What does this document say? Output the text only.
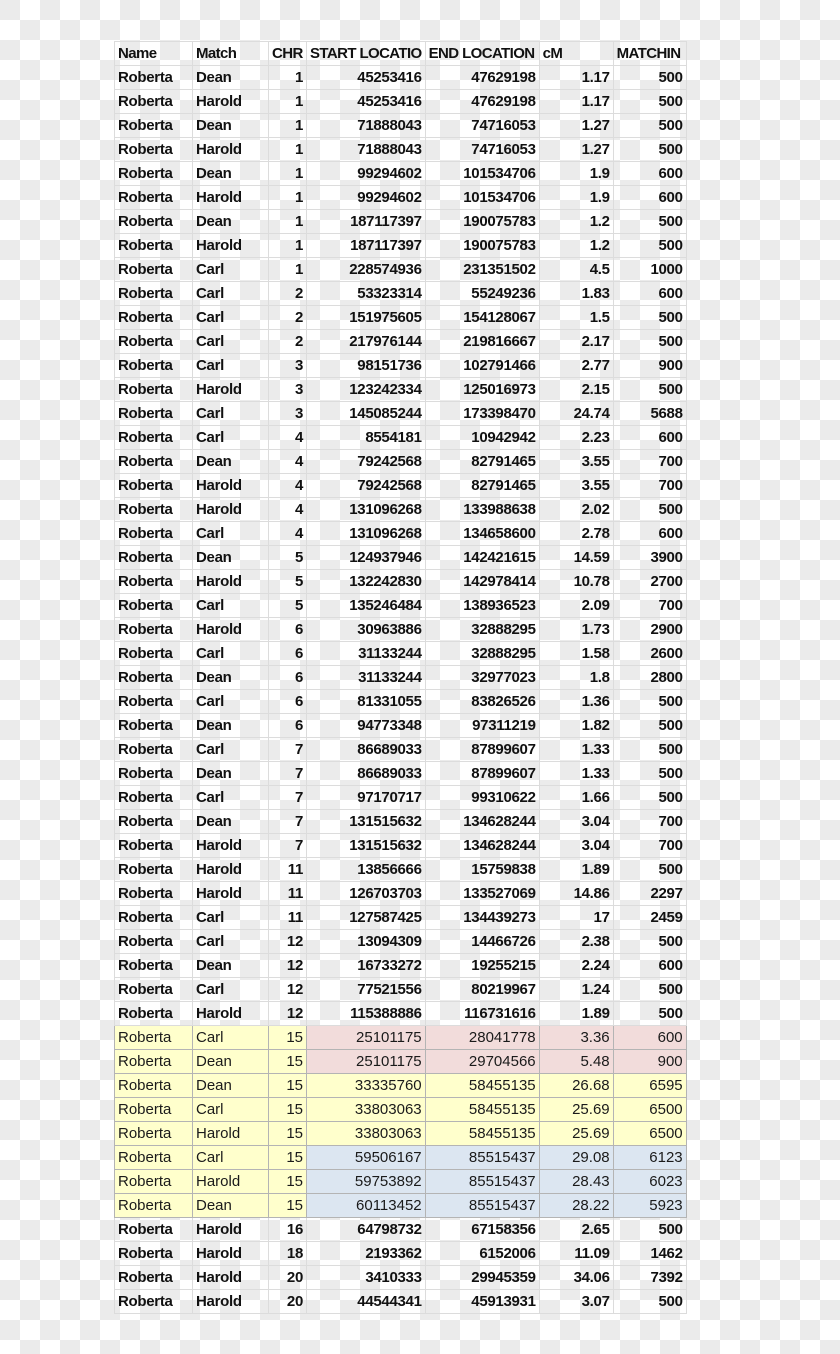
Name	Match	CHR	START LOCATIO	END LOCATION	cM	MATCHIN
Roberta	Dean	1	45253416	47629198	1.17	500
Roberta	Harold	1	45253416	47629198	1.17	500
Roberta	Dean	1	71888043	74716053	1.27	500
Roberta	Harold	1	71888043	74716053	1.27	500
Roberta	Dean	1	99294602	101534706	1.9	600
Roberta	Harold	1	99294602	101534706	1.9	600
Roberta	Dean	1	187117397	190075783	1.2	500
Roberta	Harold	1	187117397	190075783	1.2	500
Roberta	Carl	1	228574936	231351502	4.5	1000
Roberta	Carl	2	53323314	55249236	1.83	600
Roberta	Carl	2	151975605	154128067	1.5	500
Roberta	Carl	2	217976144	219816667	2.17	500
Roberta	Carl	3	98151736	102791466	2.77	900
Roberta	Harold	3	123242334	125016973	2.15	500
Roberta	Carl	3	145085244	173398470	24.74	5688
Roberta	Carl	4	8554181	10942942	2.23	600
Roberta	Dean	4	79242568	82791465	3.55	700
Roberta	Harold	4	79242568	82791465	3.55	700
Roberta	Harold	4	131096268	133988638	2.02	500
Roberta	Carl	4	131096268	134658600	2.78	600
Roberta	Dean	5	124937946	142421615	14.59	3900
Roberta	Harold	5	132242830	142978414	10.78	2700
Roberta	Carl	5	135246484	138936523	2.09	700
Roberta	Harold	6	30963886	32888295	1.73	2900
Roberta	Carl	6	31133244	32888295	1.58	2600
Roberta	Dean	6	31133244	32977023	1.8	2800
Roberta	Carl	6	81331055	83826526	1.36	500
Roberta	Dean	6	94773348	97311219	1.82	500
Roberta	Carl	7	86689033	87899607	1.33	500
Roberta	Dean	7	86689033	87899607	1.33	500
Roberta	Carl	7	97170717	99310622	1.66	500
Roberta	Dean	7	131515632	134628244	3.04	700
Roberta	Harold	7	131515632	134628244	3.04	700
Roberta	Harold	11	13856666	15759838	1.89	500
Roberta	Harold	11	126703703	133527069	14.86	2297
Roberta	Carl	11	127587425	134439273	17	2459
Roberta	Carl	12	13094309	14466726	2.38	500
Roberta	Dean	12	16733272	19255215	2.24	600
Roberta	Carl	12	77521556	80219967	1.24	500
Roberta	Harold	12	115388886	116731616	1.89	500
Roberta	Carl	15	25101175	28041778	3.36	600
Roberta	Dean	15	25101175	29704566	5.48	900
Roberta	Dean	15	33335760	58455135	26.68	6595
Roberta	Carl	15	33803063	58455135	25.69	6500
Roberta	Harold	15	33803063	58455135	25.69	6500
Roberta	Carl	15	59506167	85515437	29.08	6123
Roberta	Harold	15	59753892	85515437	28.43	6023
Roberta	Dean	15	60113452	85515437	28.22	5923
Roberta	Harold	16	64798732	67158356	2.65	500
Roberta	Harold	18	2193362	6152006	11.09	1462
Roberta	Harold	20	3410333	29945359	34.06	7392
Roberta	Harold	20	44544341	45913931	3.07	500
